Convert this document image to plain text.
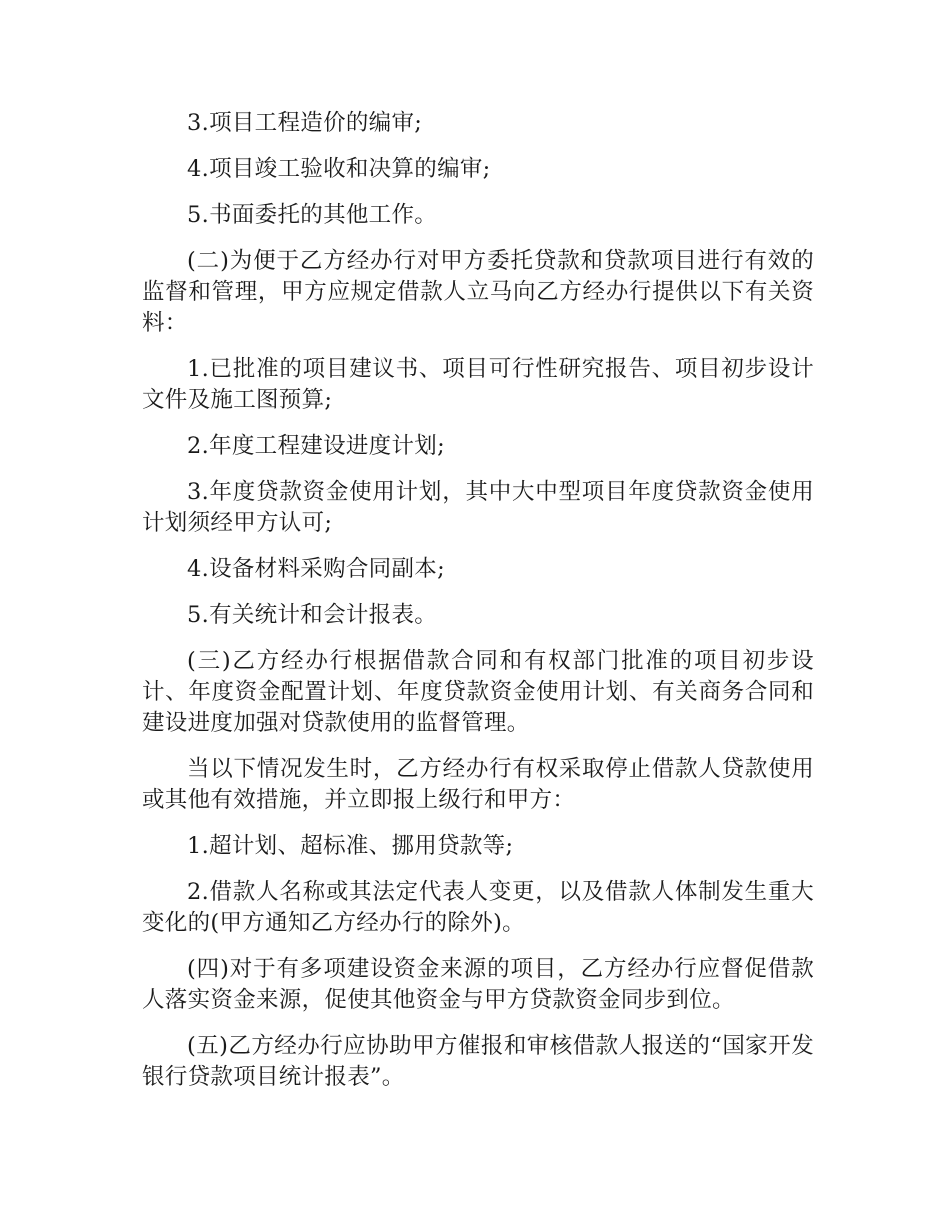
3.项目工程造价的编审;

4.项目竣工验收和决算的编审;

5.书面委托的其他工作。

(二)为便于乙方经办行对甲方委托贷款和贷款项目进行有效的监督和管理，甲方应规定借款人立马向乙方经办行提供以下有关资料：

1.已批准的项目建议书、项目可行性研究报告、项目初步设计文件及施工图预算;

2.年度工程建设进度计划;

3.年度贷款资金使用计划，其中大中型项目年度贷款资金使用计划须经甲方认可;

4.设备材料采购合同副本;

5.有关统计和会计报表。

(三)乙方经办行根据借款合同和有权部门批准的项目初步设计、年度资金配置计划、年度贷款资金使用计划、有关商务合同和建设进度加强对贷款使用的监督管理。

当以下情况发生时，乙方经办行有权采取停止借款人贷款使用或其他有效措施，并立即报上级行和甲方：

1.超计划、超标准、挪用贷款等;

2.借款人名称或其法定代表人变更，以及借款人体制发生重大变化的(甲方通知乙方经办行的除外)。

(四)对于有多项建设资金来源的项目，乙方经办行应督促借款人落实资金来源，促使其他资金与甲方贷款资金同步到位。

(五)乙方经办行应协助甲方催报和审核借款人报送的“国家开发银行贷款项目统计报表”。
